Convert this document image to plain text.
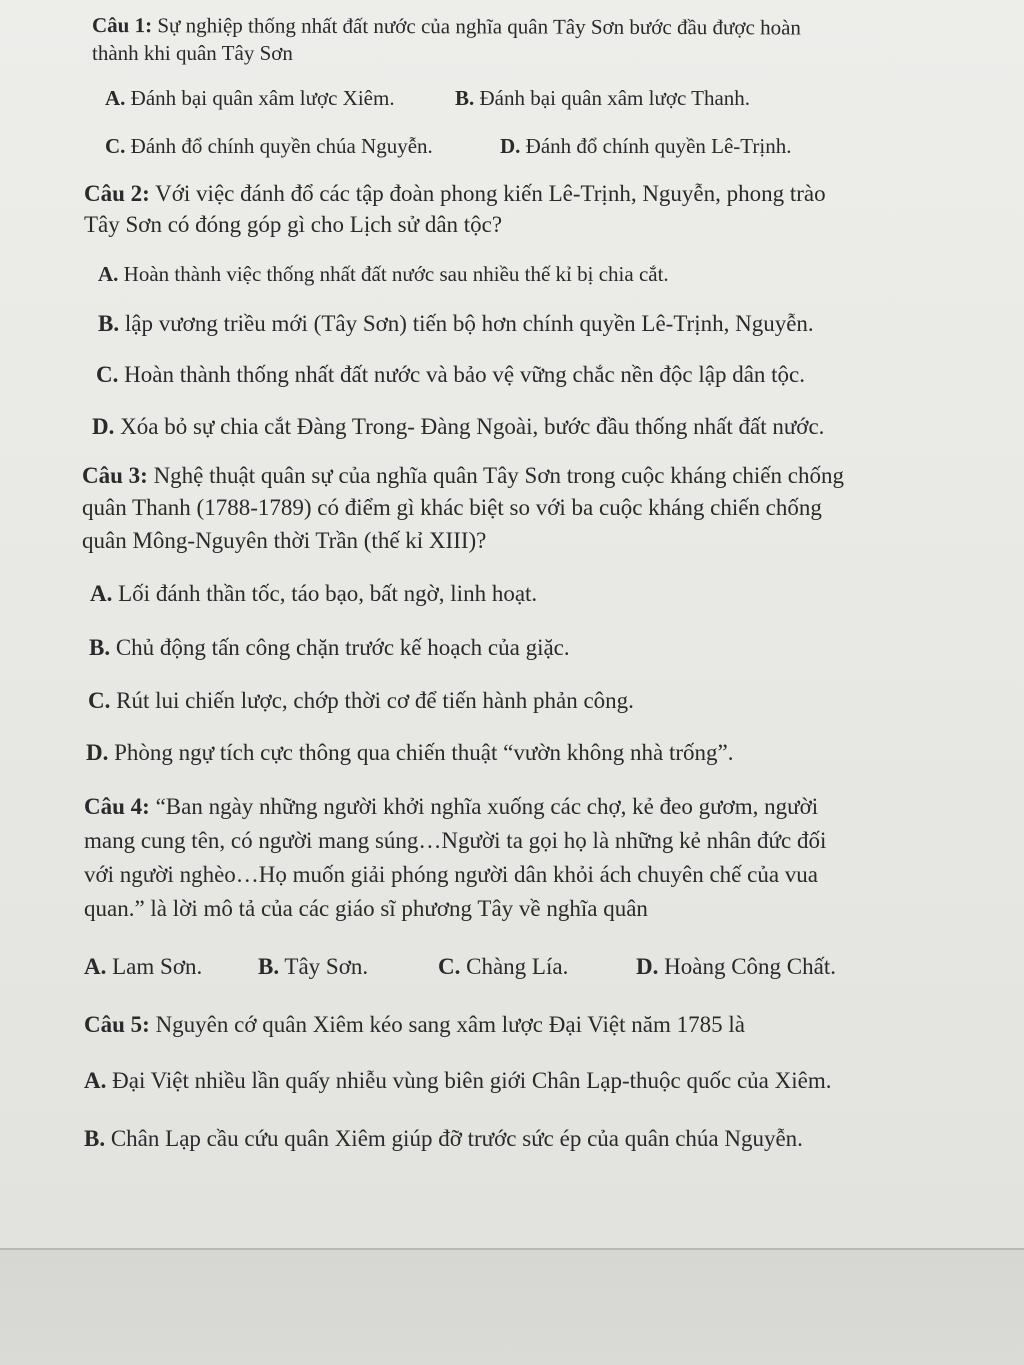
Câu 1: Sự nghiệp thống nhất đất nước của nghĩa quân Tây Sơn bước đầu được hoàn
thành khi quân Tây Sơn
A. Đánh bại quân xâm lược Xiêm.	B. Đánh bại quân xâm lược Thanh.
C. Đánh đổ chính quyền chúa Nguyễn.	D. Đánh đổ chính quyền Lê-Trịnh.
Câu 2: Với việc đánh đổ các tập đoàn phong kiến Lê-Trịnh, Nguyễn, phong trào
Tây Sơn có đóng góp gì cho Lịch sử dân tộc?
A. Hoàn thành việc thống nhất đất nước sau nhiều thế kỉ bị chia cắt.
B. lập vương triều mới (Tây Sơn) tiến bộ hơn chính quyền Lê-Trịnh, Nguyễn.
C. Hoàn thành thống nhất đất nước và bảo vệ vững chắc nền độc lập dân tộc.
D. Xóa bỏ sự chia cắt Đàng Trong- Đàng Ngoài, bước đầu thống nhất đất nước.
Câu 3: Nghệ thuật quân sự của nghĩa quân Tây Sơn trong cuộc kháng chiến chống
quân Thanh (1788-1789) có điểm gì khác biệt so với ba cuộc kháng chiến chống
quân Mông-Nguyên thời Trần (thế kỉ XIII)?
A. Lối đánh thần tốc, táo bạo, bất ngờ, linh hoạt.
B. Chủ động tấn công chặn trước kế hoạch của giặc.
C. Rút lui chiến lược, chớp thời cơ để tiến hành phản công.
D. Phòng ngự tích cực thông qua chiến thuật “vườn không nhà trống”.
Câu 4: “Ban ngày những người khởi nghĩa xuống các chợ, kẻ đeo gươm, người
mang cung tên, có người mang súng…Người ta gọi họ là những kẻ nhân đức đối
với người nghèo…Họ muốn giải phóng người dân khỏi ách chuyên chế của vua
quan.” là lời mô tả của các giáo sĩ phương Tây về nghĩa quân
A. Lam Sơn. B. Tây Sơn.	C. Chàng Lía.	D. Hoàng Công Chất.
Câu 5: Nguyên cớ quân Xiêm kéo sang xâm lược Đại Việt năm 1785 là
A. Đại Việt nhiều lần quấy nhiễu vùng biên giới Chân Lạp-thuộc quốc của Xiêm.
B. Chân Lạp cầu cứu quân Xiêm giúp đỡ trước sức ép của quân chúa Nguyễn.
